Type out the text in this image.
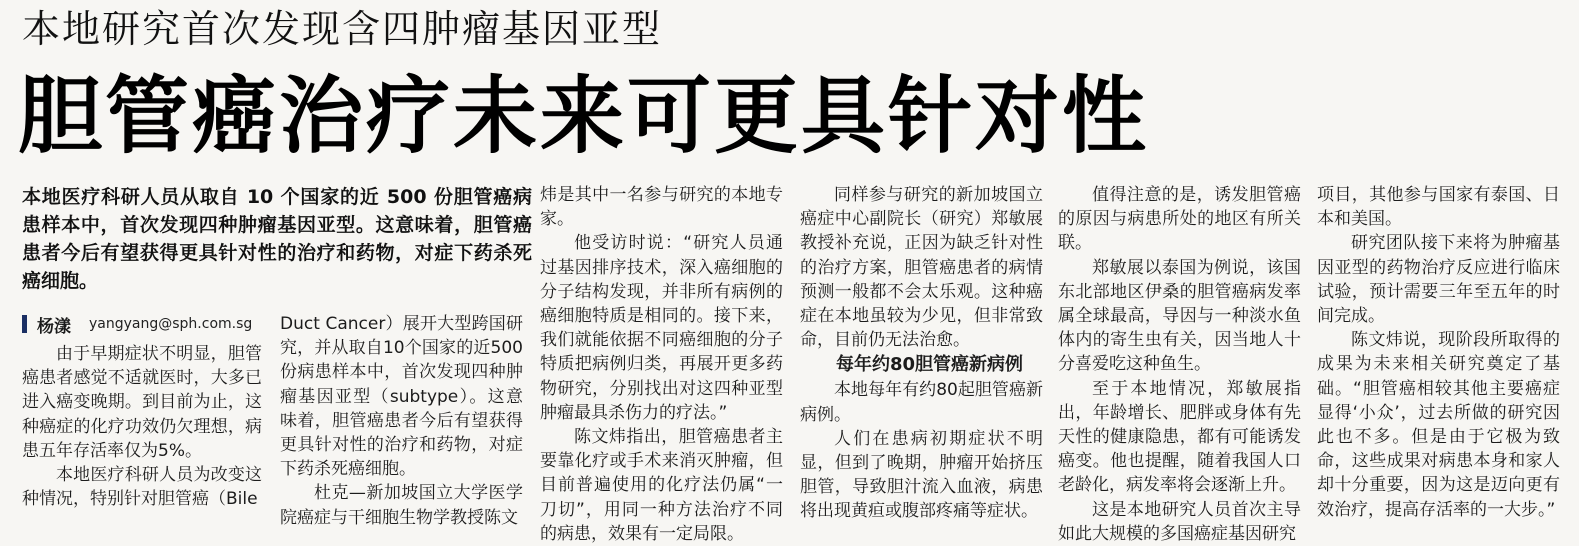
本地研究首次发现含四肿瘤基因亚型
胆管癌治疗未来可更具针对性

本地医疗科研人员从取自 10 个国家的近 500 份胆管癌病患样本中，首次发现四种肿瘤基因亚型。这意味着，胆管癌患者今后有望获得更具针对性的治疗和药物，对症下药杀死癌细胞。

杨漾 yangyang@sph.com.sg

由于早期症状不明显，胆管癌患者感觉不适就医时，大多已进入癌变晚期。到目前为止，这种癌症的化疗功效仍欠理想，病患五年存活率仅为5%。

本地医疗科研人员为改变这种情况，特别针对胆管癌（Bile

Duct Cancer）展开大型跨国研究，并从取自10个国家的近500份病患样本中，首次发现四种肿瘤基因亚型（subtype）。这意味着，胆管癌患者今后有望获得更具针对性的治疗和药物，对症下药杀死癌细胞。

杜克—新加坡国立大学医学院癌症与干细胞生物学教授陈文

炜是其中一名参与研究的本地专家。

他受访时说：“研究人员通过基因排序技术，深入癌细胞的分子结构发现，并非所有病例的癌细胞特质是相同的。接下来，我们就能依据不同癌细胞的分子特质把病例归类，再展开更多药物研究，分别找出对这四种亚型肿瘤最具杀伤力的疗法。”

陈文炜指出，胆管癌患者主要靠化疗或手术来消灭肿瘤，但目前普遍使用的化疗法仍属“一刀切”，用同一种方法治疗不同的病患，效果有一定局限。

同样参与研究的新加坡国立癌症中心副院长（研究）郑敏展教授补充说，正因为缺乏针对性的治疗方案，胆管癌患者的病情预测一般都不会太乐观。这种癌症在本地虽较为少见，但非常致命，目前仍无法治愈。

每年约80胆管癌新病例

本地每年有约80起胆管癌新病例。

人们在患病初期症状不明显，但到了晚期，肿瘤开始挤压胆管，导致胆汁流入血液，病患将出现黄疸或腹部疼痛等症状。

值得注意的是，诱发胆管癌的原因与病患所处的地区有所关联。

郑敏展以泰国为例说，该国东北部地区伊桑的胆管癌病发率属全球最高，导因与一种淡水鱼体内的寄生虫有关，因当地人十分喜爱吃这种鱼生。

至于本地情况，郑敏展指出，年龄增长、肥胖或身体有先天性的健康隐患，都有可能诱发癌变。他也提醒，随着我国人口老龄化，病发率将会逐渐上升。

这是本地研究人员首次主导如此大规模的多国癌症基因研究

项目，其他参与国家有泰国、日本和美国。

研究团队接下来将为肿瘤基因亚型的药物治疗反应进行临床试验，预计需要三年至五年的时间完成。

陈文炜说，现阶段所取得的成果为未来相关研究奠定了基础。“胆管癌相较其他主要癌症显得‘小众’，过去所做的研究因此也不多。但是由于它极为致命，这些成果对病患本身和家人却十分重要，因为这是迈向更有效治疗，提高存活率的一大步。”
